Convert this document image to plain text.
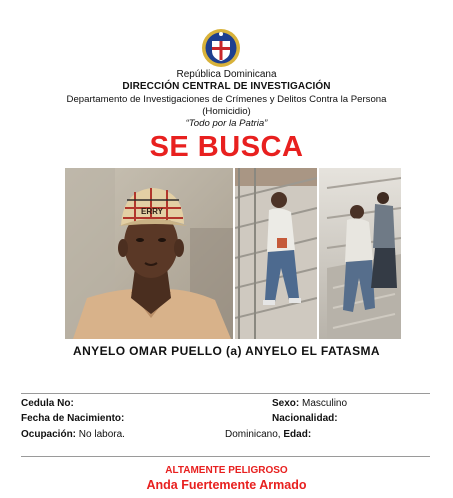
República Dominicana
DIRECCIÓN CENTRAL DE INVESTIGACIÓN
Departamento de Investigaciones de Crímenes y Delitos Contra la Persona
(Homicidio)
“Todo por la Patria”
SE BUSCA
ERRY
ANYELO OMAR PUELLO (a) ANYELO EL FATASMA
Cedula No:
Fecha de Nacimiento:
Ocupación: No labora.
Sexo: Masculino
Nacionalidad:
Dominicano, Edad:
ALTAMENTE PELIGROSO
Anda Fuertemente Armado
